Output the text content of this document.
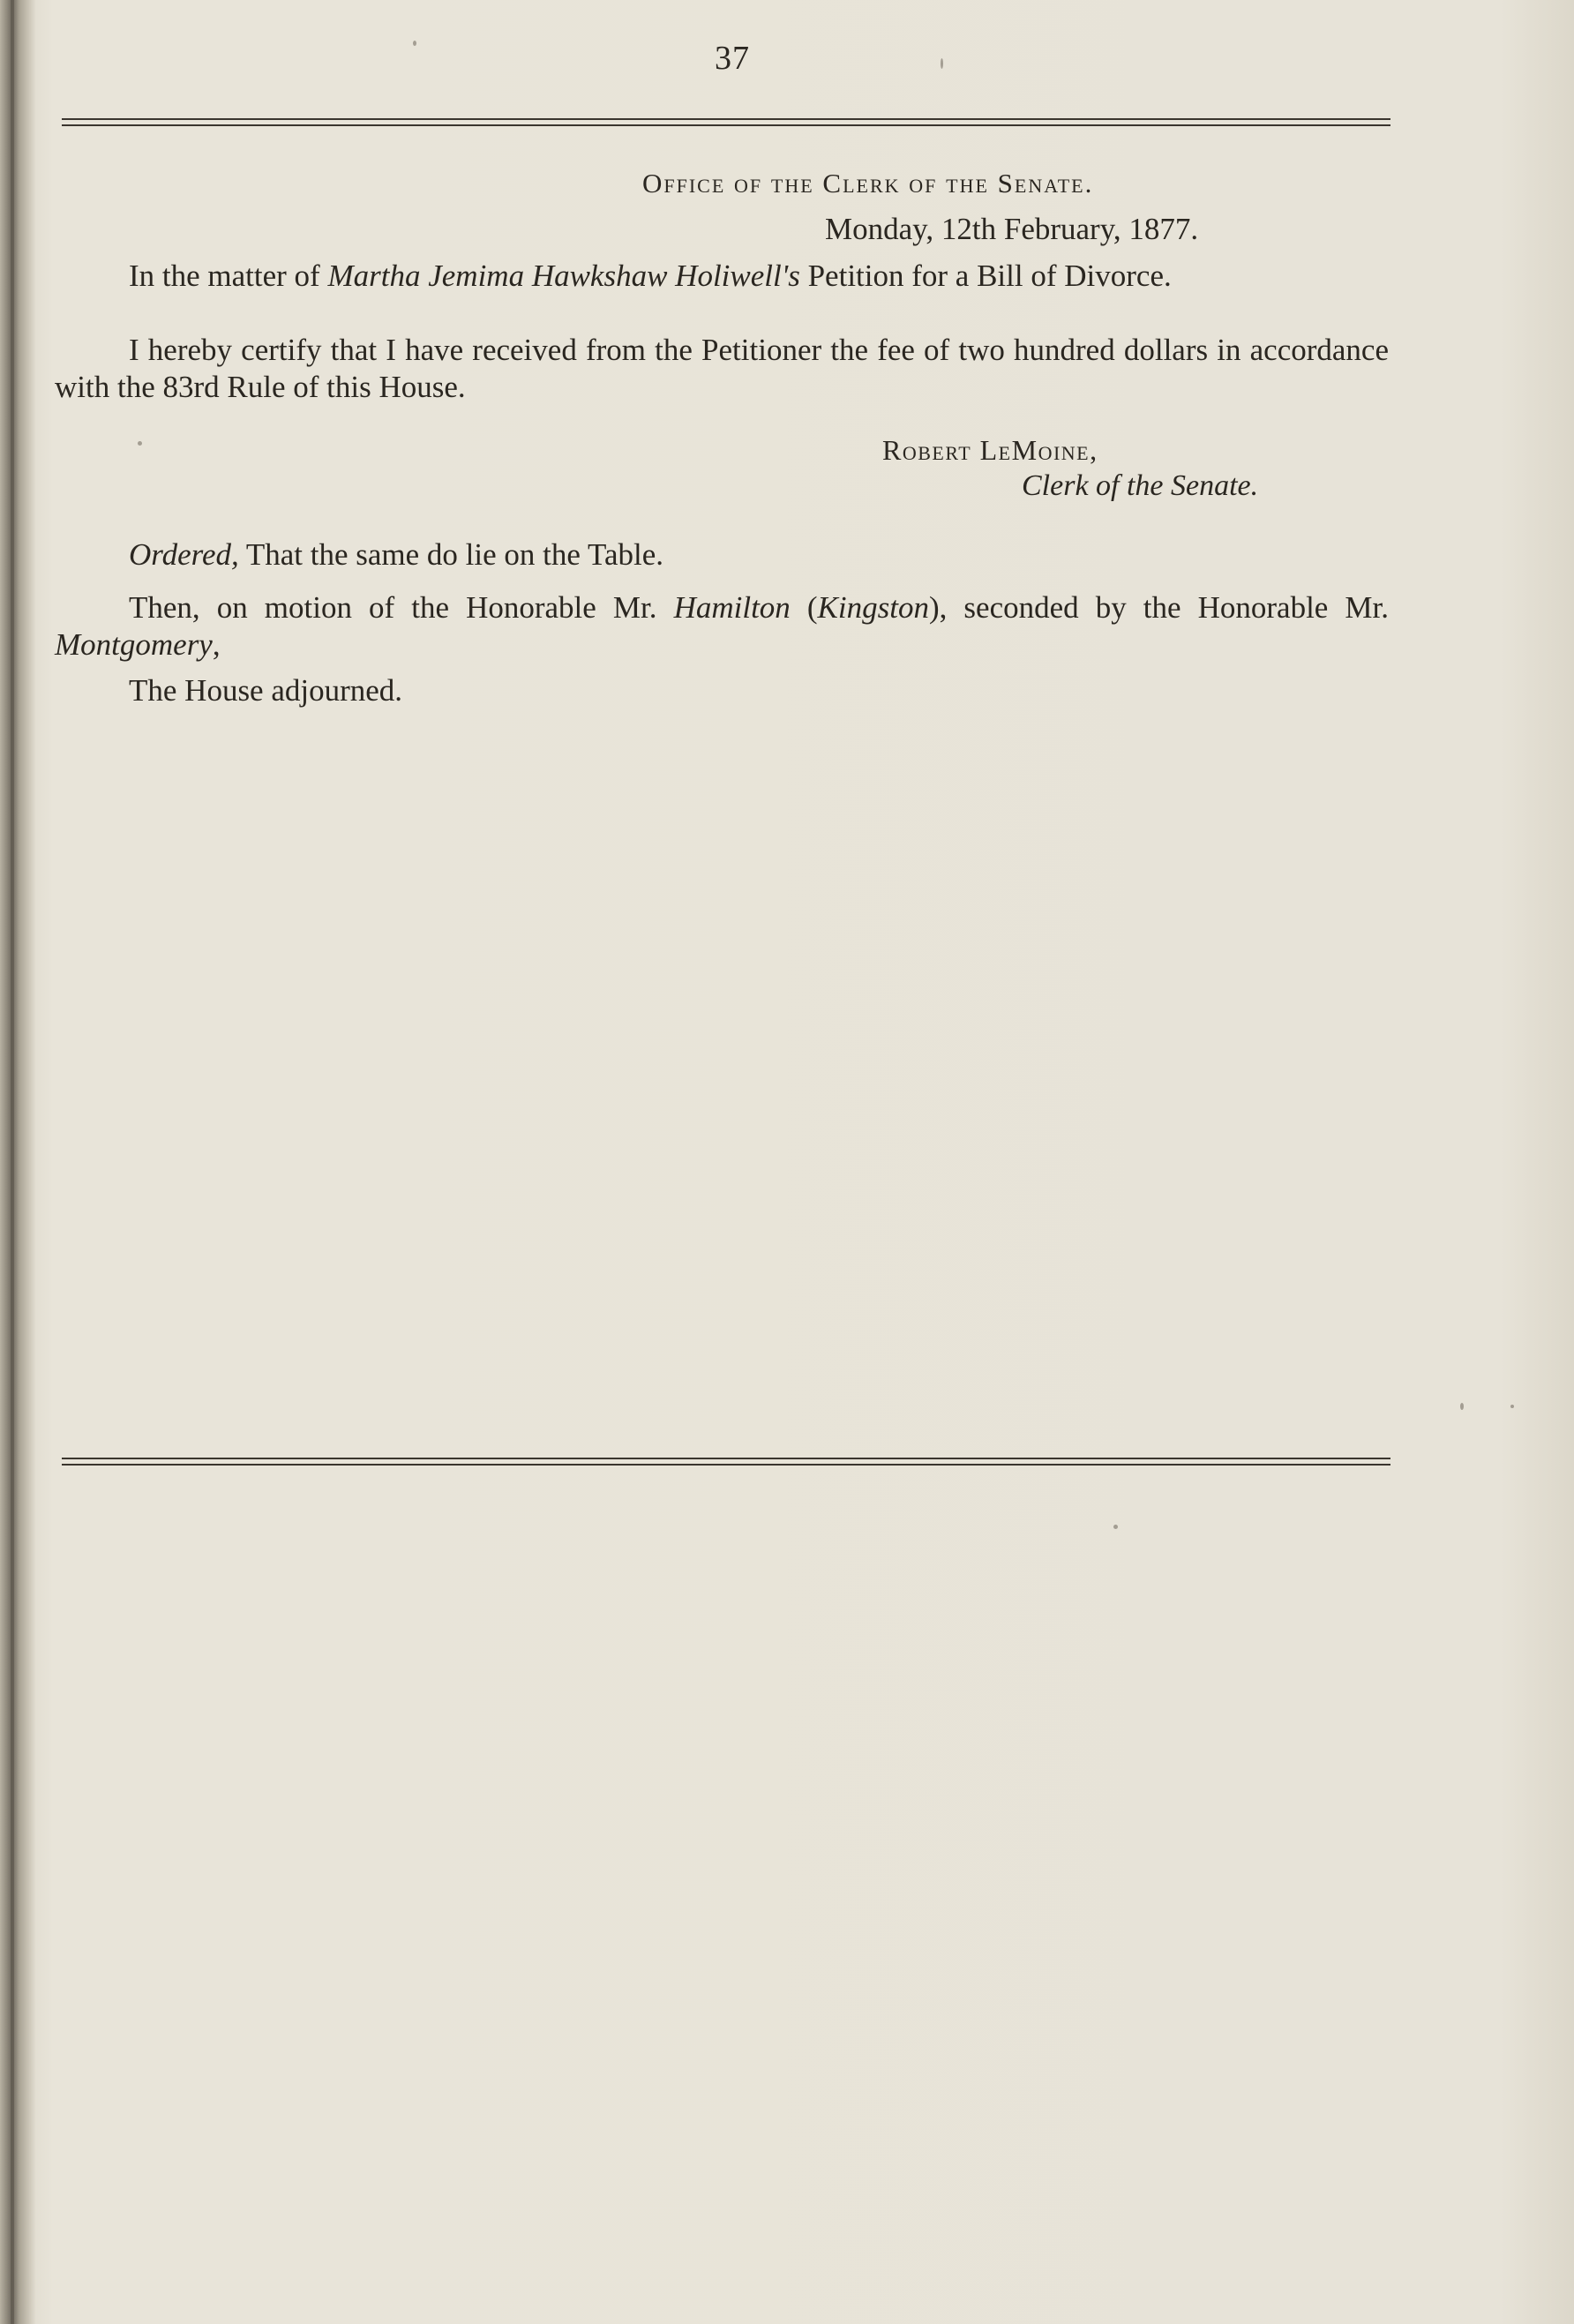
37
Office of the Clerk of the Senate.
Monday, 12th February, 1877.
In the matter of Martha Jemima Hawkshaw Holiwell's Petition for a Bill of Divorce.
I hereby certify that I have received from the Petitioner the fee of two hundred dollars in accordance with the 83rd Rule of this House.
Robert LeMoine,
Clerk of the Senate.
Ordered, That the same do lie on the Table.
Then, on motion of the Honorable Mr. Hamilton (Kingston), seconded by the Honorable Mr. Montgomery,
The House adjourned.
